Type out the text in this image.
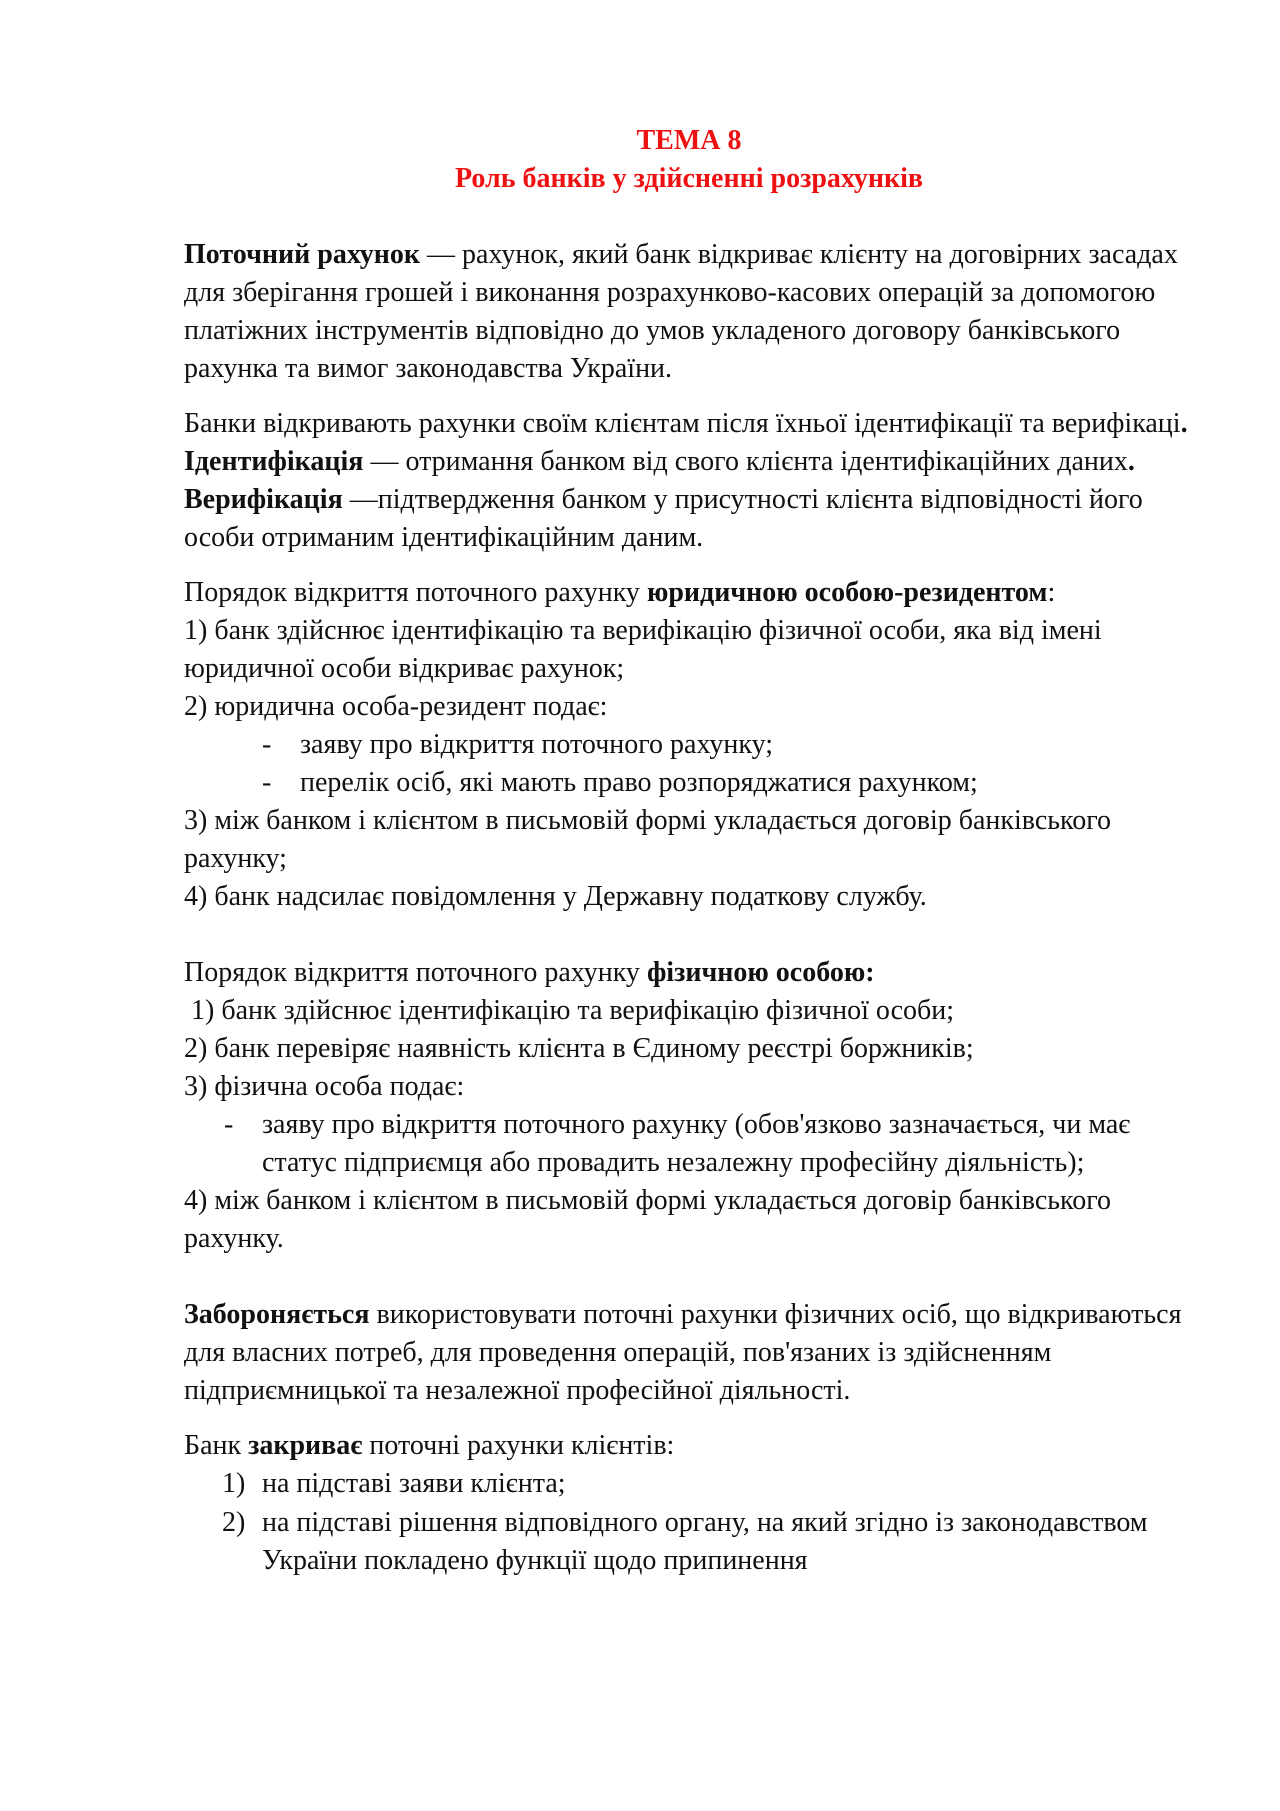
ТЕМА 8

Роль банків у здійсненні розрахунків

Поточний рахунок — рахунок, який банк відкриває клієнту на договірних засадах для зберігання грошей і виконання розрахунково-касових операцій за допомогою платіжних інструментів відповідно до умов укладеного договору банківського рахунка та вимог законодавства України.

Банки відкривають рахунки своїм клієнтам після їхньої ідентифікації та верифікаці. Ідентифікація — отримання банком від свого клієнта ідентифікаційних даних. Верифікація —підтвердження банком у присутності клієнта відповідності його особи отриманим ідентифікаційним даним.

Порядок відкриття поточного рахунку юридичною особою-резидентом:

1) банк здійснює ідентифікацію та верифікацію фізичної особи, яка від імені юридичної особи відкриває рахунок;

2) юридична особа-резидент подає:

- заяву про відкриття поточного рахунку;

- перелік осіб, які мають право розпоряджатися рахунком;

3) між банком і клієнтом в письмовій формі укладається договір банківського рахунку;

4) банк надсилає повідомлення у Державну податкову службу.

Порядок відкриття поточного рахунку фізичною особою:

1) банк здійснює ідентифікацію та верифікацію фізичної особи;

2) банк перевіряє наявність клієнта в Єдиному реєстрі боржників;

3) фізична особа подає:

- заяву про відкриття поточного рахунку (обов'язково зазначається, чи має статус підприємця або провадить незалежну професійну діяльність);

4) між банком і клієнтом в письмовій формі укладається договір банківського рахунку.

Забороняється використовувати поточні рахунки фізичних осіб, що відкриваються для власних потреб, для проведення операцій, пов'язаних із здійсненням підприємницької та незалежної професійної діяльності.

Банк закриває поточні рахунки клієнтів:

1) на підставі заяви клієнта;

2) на підставі рішення відповідного органу, на який згідно із законодавством України покладено функції щодо припинення
